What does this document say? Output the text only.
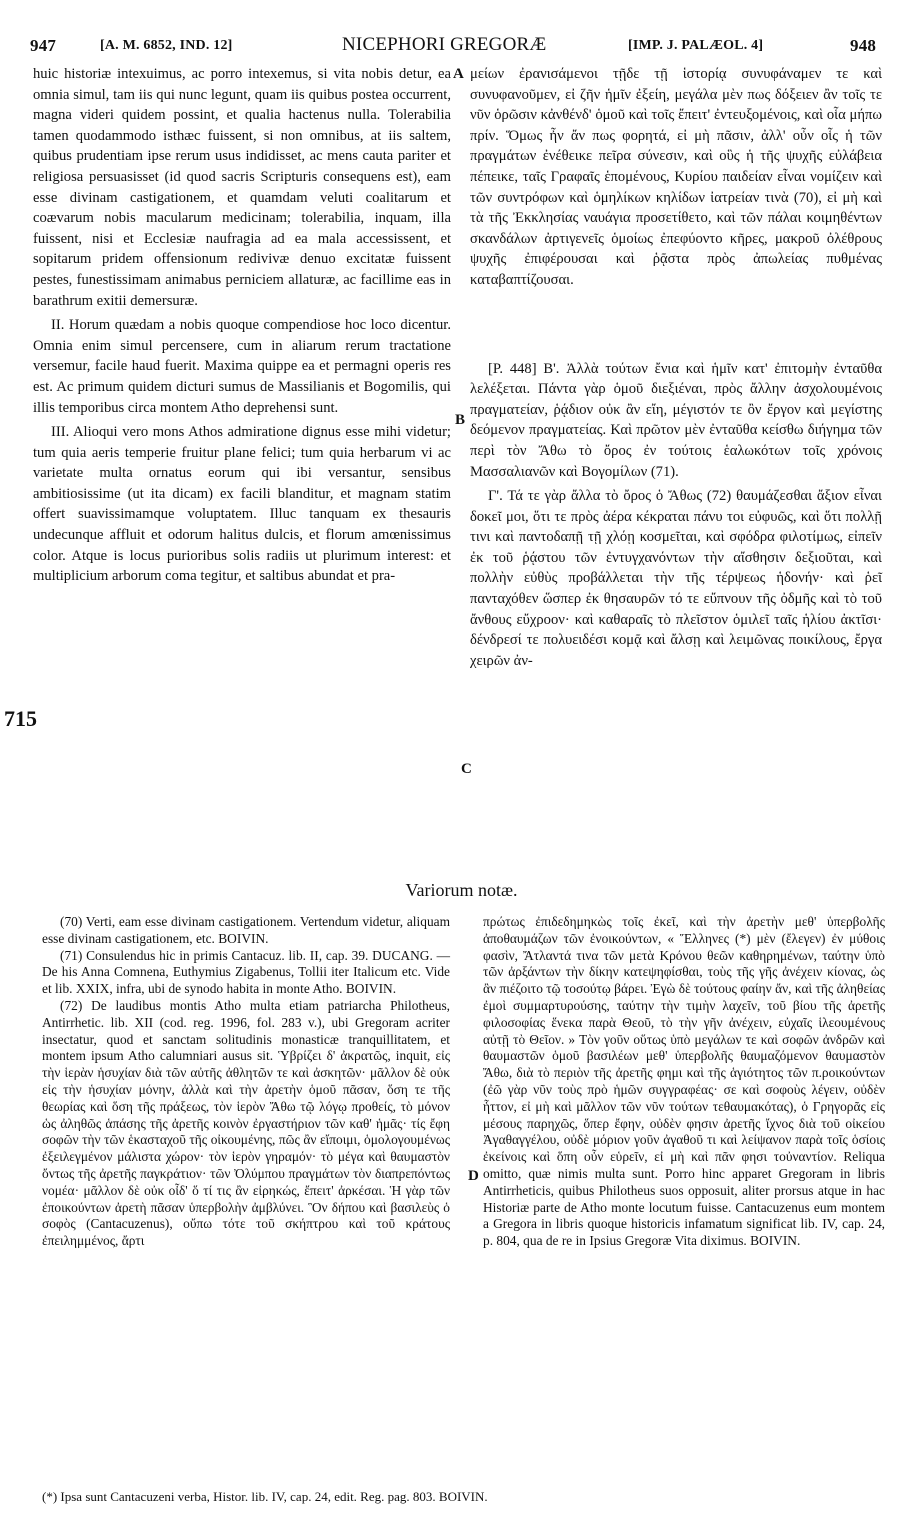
947	[A. M. 6852, IND. 12]	NICEPHORI GREGORÆ	[IMP. J. PALÆOL. 4]	948

huic historiæ intexuimus, ac porro intexemus, si vita nobis detur, ea omnia simul, tam iis qui nunc legunt, quam iis quibus postea occurrent, magna videri quidem possint, et qualia hactenus nulla. Tolerabilia tamen quodammodo isthæc fuissent, si non omnibus, at iis saltem, quibus prudentiam ipse rerum usus indidisset, ac mens cauta pariter et religiosa persuasisset (id quod sacris Scripturis consequens est), eam esse divinam castigationem, et quamdam veluti coalitarum et coævarum nobis macularum medicinam; tolerabilia, inquam, illa fuissent, nisi et Ecclesiæ naufragia ad ea mala accessissent, et sopitarum pridem offensionum redivivæ denuo excitatæ fuissent pestes, funestissimam animabus perniciem allaturæ, ac facillime eas in barathrum exitii demersuræ.

II. Horum quædam a nobis quoque compendiose hoc loco dicentur. Omnia enim simul percensere, cum in aliarum rerum tractatione versemur, facile haud fuerit. Maxima quippe ea et permagni operis res est. Ac primum quidem dicturi sumus de Massilianis et Bogomilis, qui illis temporibus circa montem Atho deprehensi sunt.

III. Alioqui vero mons Athos admiratione dignus esse mihi videtur; tum quia aeris temperie fruitur plane felici; tum quia herbarum vi ac varietate multa ornatus eorum qui ibi versantur, sensibus ambitiosissime (ut ita dicam) ex facili blanditur, et magnam statim offert suavissimamque voluptatem. Illuc tanquam ex thesauris undecunque affluit et odorum halitus dulcis, et florum amœnissimus color. Atque is locus purioribus solis radiis ut plurimum interest: et multiplicium arborum coma tegitur, et saltibus abundat et pra-

μείων ἐρανισάμενοι τῇδε τῇ ἱστορίᾳ συνυφάναμεν τε καὶ συνυφανοῦμεν, εἰ ζῆν ἡμῖν ἐξείη, μεγάλα μὲν πως δόξειεν ἂν τοῖς τε νῦν ὁρῶσιν κἀνθένδ' ὁμοῦ καὶ τοῖς ἔπειτ' ἐντευξομένοις, καὶ οἷα μήπω πρίν. Ὅμως ἦν ἄν πως φορητά, εἰ μὴ πᾶσιν, ἀλλ' οὖν οἷς ἡ τῶν πραγμάτων ἐνέθεικε πεῖρα σύνεσιν, καὶ οὓς ἡ τῆς ψυχῆς εὐλάβεια πέπεικε, ταῖς Γραφαῖς ἑπομένους, Κυρίου παιδείαν εἶναι νομίζειν καὶ τῶν συντρόφων καὶ ὁμηλίκων κηλίδων ἰατρείαν τινὰ (70), εἰ μὴ καὶ τὰ τῆς Ἐκκλησίας ναυάγια προσετίθετο, καὶ τῶν πάλαι κοιμηθέντων σκανδάλων ἀρτιγενεῖς ὁμοίως ἐπεφύοντο κῆρες, μακροῦ ὀλέθρους ψυχῆς ἐπιφέρουσαι καὶ ῥᾷστα πρὸς ἀπωλείας πυθμένας καταβαπτίζουσαι.

[P. 448] B'. Ἀλλὰ τούτων ἔνια καὶ ἡμῖν κατ' ἐπιτομὴν ἐνταῦθα λελέξεται. Πάντα γὰρ ὁμοῦ διεξιέναι, πρὸς ἄλλην ἀσχολουμένοις πραγματείαν, ῥᾴδιον οὐκ ἂν εἴη, μέγιστόν τε ὂν ἔργον καὶ μεγίστης δεόμενον πραγματείας. Καὶ πρῶτον μὲν ἐνταῦθα κείσθω διήγημα τῶν περὶ τὸν Ἄθω τὸ ὄρος ἐν τούτοις ἑαλωκότων τοῖς χρόνοις Μασσαλιανῶν καὶ Βογομίλων (71).

Γ'. Τά τε γὰρ ἄλλα τὸ ὄρος ὁ Ἄθως (72) θαυμάζεσθαι ἄξιον εἶναι δοκεῖ μοι, ὅτι τε πρὸς ἀέρα κέκραται πάνυ τοι εὐφυῶς, καὶ ὅτι πολλῇ τινι καὶ παντοδαπῇ τῇ χλόῃ κοσμεῖται, καὶ σφόδρα φιλοτίμως, εἰπεῖν ἐκ τοῦ ῥᾴστου τῶν ἐντυγχανόντων τὴν αἴσθησιν δεξιοῦται, καὶ πολλὴν εὐθὺς προβάλλεται τὴν τῆς τέρψεως ἡδονήν· καὶ ῥεῖ πανταχόθεν ὥσπερ ἐκ θησαυρῶν τό τε εὔπνουν τῆς ὀδμῆς καὶ τὸ τοῦ ἄνθους εὔχροον· καὶ καθαραῖς τὸ πλεῖστον ὁμιλεῖ ταῖς ἡλίου ἀκτῖσι· δένδρεσί τε πολυειδέσι κομᾷ καὶ ἄλσῃ καὶ λειμῶνας ποικίλους, ἔργα χειρῶν ἀν-

A
B
C
D
715
Variorum notæ.

(70) Verti, eam esse divinam castigationem. Vertendum videtur, aliquam esse divinam castigationem, etc. BOIVIN.

(71) Consulendus hic in primis Cantacuz. lib. II, cap. 39. DUCANG. — De his Anna Comnena, Euthymius Zigabenus, Tollii iter Italicum etc. Vide et lib. XXIX, infra, ubi de synodo habita in monte Atho. BOIVIN.

(72) De laudibus montis Atho multa etiam patriarcha Philotheus, Antirrhetic. lib. XII (cod. reg. 1996, fol. 283 v.), ubi Gregoram acriter insectatur, quod et sanctam solitudinis monasticæ tranquillitatem, et montem ipsum Atho calumniari ausus sit. Ὑβρίζει δ' ἀκρατῶς, inquit, εἰς τὴν ἱερὰν ἡσυχίαν διὰ τῶν αὐτῆς ἀθλητῶν τε καὶ ἀσκητῶν· μᾶλλον δὲ οὐκ εἰς τὴν ἡσυχίαν μόνην, ἀλλὰ καὶ τὴν ἀρετὴν ὁμοῦ πᾶσαν, ὅση τε τῆς θεωρίας καὶ ὅση τῆς πράξεως, τὸν ἱερὸν Ἄθω τῷ λόγῳ προθείς, τὸ μόνον ὡς ἀληθῶς ἁπάσης τῆς ἀρετῆς κοινὸν ἐργαστήριον τῶν καθ' ἡμᾶς· τίς ἔφη σοφῶν τὴν τῶν ἑκασταχοῦ τῆς οἰκουμένης, πῶς ἂν εἴποιμι, ὁμολογουμένως ἐξειλεγμένον μάλιστα χώρον· τὸν ἱερὸν γηραμόν· τὸ μέγα καὶ θαυμαστὸν ὄντως τῆς ἀρετῆς παγκράτιον· τῶν Ὀλύμπου πραγμάτων τὸν διαπρεπόντως νομέα· μᾶλλον δὲ οὐκ οἶδ' ὅ τί τις ἂν εἰρηκώς, ἔπειτ' ἀρκέσαι. Ἡ γὰρ τῶν ἐποικούντων ἀρετὴ πᾶσαν ὑπερβολὴν ἀμβλύνει. Ὃν δήπου καὶ βασιλεὺς ὁ σοφὸς (Cantacuzenus), οὔπω τότε τοῦ σκήπτρου καὶ τοῦ κράτους ἐπειλημμένος, ἄρτι

πρώτως ἐπιδεδημηκὼς τοῖς ἐκεῖ, καὶ τὴν ἀρετὴν μεθ' ὑπερβολῆς ἀποθαυμάζων τῶν ἐνοικούντων, « Ἕλληνες (*) μὲν (ἔλεγεν) ἐν μύθοις φασὶν, Ἄτλαντά τινα τῶν μετὰ Κρόνου θεῶν καθηρημένων, ταύτην ὑπὸ τῶν ἀρξάντων τὴν δίκην κατεψηφίσθαι, τοὺς τῆς γῆς ἀνέχειν κίονας, ὡς ἂν πιέζοιτο τῷ τοσούτῳ βάρει. Ἐγὼ δὲ τούτους φαίην ἄν, καὶ τῆς ἀληθείας ἐμοὶ συμμαρτυρούσης, ταύτην τὴν τιμὴν λαχεῖν, τοῦ βίου τῆς ἀρετῆς φιλοσοφίας ἕνεκα παρὰ Θεοῦ, τὸ τὴν γῆν ἀνέχειν, εὐχαῖς ἱλεουμένους αὐτῇ τὸ Θεῖον. » Τὸν γοῦν οὕτως ὑπὸ μεγάλων τε καὶ σοφῶν ἀνδρῶν καὶ θαυμαστῶν ὁμοῦ βασιλέων μεθ' ὑπερβολῆς θαυμαζόμενον θαυμαστὸν Ἄθω, διὰ τὸ περιὸν τῆς ἀρετῆς φημι καὶ τῆς ἁγιότητος τῶν π.ροικούντων (ἐῶ γὰρ νῦν τοὺς πρὸ ἡμῶν συγγραφέας· σε καὶ σοφοὺς λέγειν, οὐδὲν ἧττον, εἰ μὴ καὶ μᾶλλον τῶν νῦν τούτων τεθαυμακότας), ὁ Γρηγορᾶς εἰς μέσους παρηχῶς, ὅπερ ἔφην, οὐδὲν φησιν ἀρετῆς ἴχνος διὰ τοῦ οἰκείου Ἀγαθαγγέλου, οὐδὲ μόριον γοῦν ἀγαθοῦ τι καὶ λείψανον παρὰ τοῖς ὁσίοις ἐκείνοις καὶ ὅπη οὖν εὑρεῖν, εἰ μὴ καὶ πᾶν φησι τοὐναντίον. Reliqua omitto, quæ nimis multa sunt. Porro hinc apparet Gregoram in libris Antirrheticis, quibus Philotheus suos opposuit, aliter prorsus atque in hac Historiæ parte de Atho monte locutum fuisse. Cantacuzenus eum montem a Gregora in libris quoque historicis infamatum significat lib. IV, cap. 24, p. 804, qua de re in Ipsius Gregoræ Vita diximus. BOIVIN.

(*) Ipsa sunt Cantacuzeni verba, Histor. lib. IV, cap. 24, edit. Reg. pag. 803. BOIVIN.
